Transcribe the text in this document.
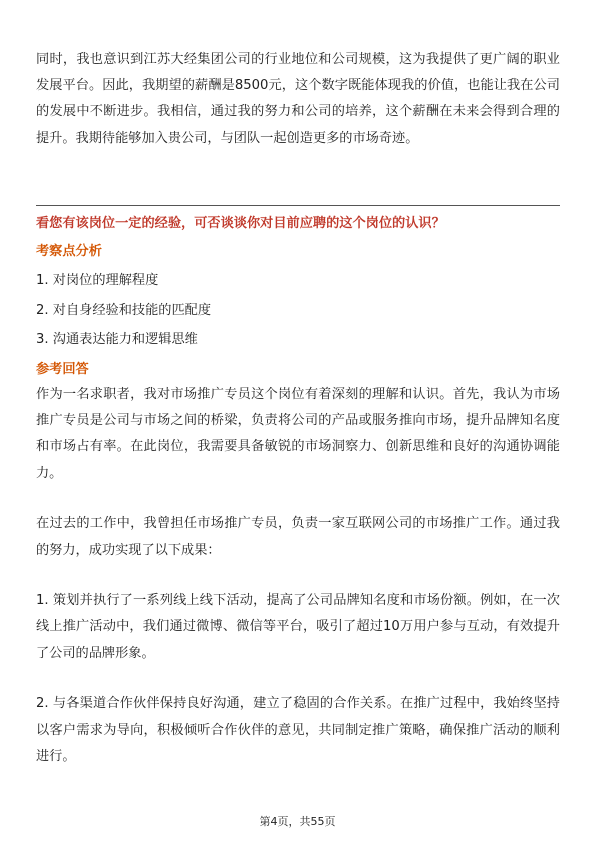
同时，我也意识到江苏大经集团公司的行业地位和公司规模，这为我提供了更广阔的职业发展平台。因此，我期望的薪酬是8500元，这个数字既能体现我的价值，也能让我在公司的发展中不断进步。我相信，通过我的努力和公司的培养，这个薪酬在未来会得到合理的提升。我期待能够加入贵公司，与团队一起创造更多的市场奇迹。

看您有该岗位一定的经验，可否谈谈你对目前应聘的这个岗位的认识？

考察点分析

1. 对岗位的理解程度
2. 对自身经验和技能的匹配度
3. 沟通表达能力和逻辑思维

参考回答

作为一名求职者，我对市场推广专员这个岗位有着深刻的理解和认识。首先，我认为市场推广专员是公司与市场之间的桥梁，负责将公司的产品或服务推向市场，提升品牌知名度和市场占有率。在此岗位，我需要具备敏锐的市场洞察力、创新思维和良好的沟通协调能力。

在过去的工作中，我曾担任市场推广专员，负责一家互联网公司的市场推广工作。通过我的努力，成功实现了以下成果：

1. 策划并执行了一系列线上线下活动，提高了公司品牌知名度和市场份额。例如，在一次线上推广活动中，我们通过微博、微信等平台，吸引了超过10万用户参与互动，有效提升了公司的品牌形象。

2. 与各渠道合作伙伴保持良好沟通，建立了稳固的合作关系。在推广过程中，我始终坚持以客户需求为导向，积极倾听合作伙伴的意见，共同制定推广策略，确保推广活动的顺利进行。

第4页，共55页
